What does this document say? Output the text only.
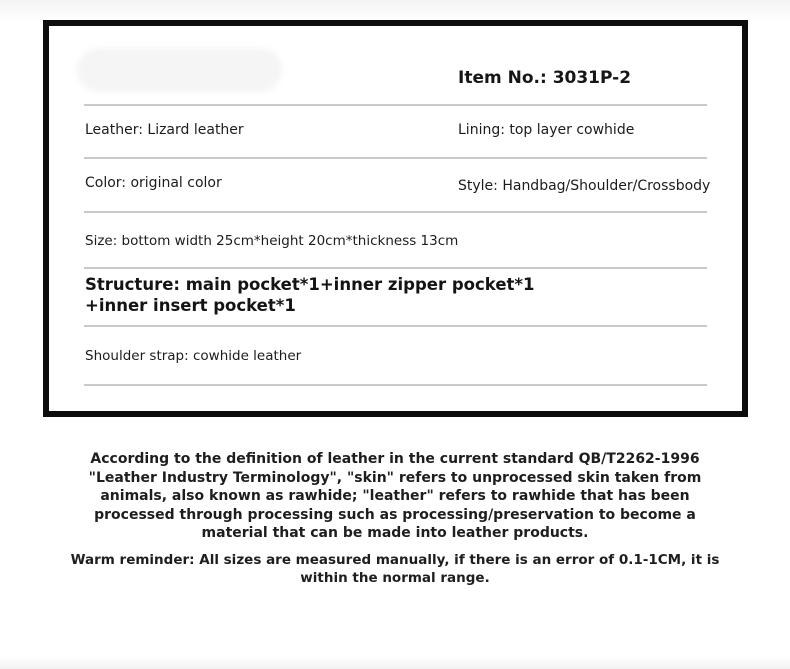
Item No.: 3031P-2
Leather: Lizard leather	Lining: top layer cowhide
Color: original color	Style: Handbag/Shoulder/Crossbody
Size: bottom width 25cm*height 20cm*thickness 13cm
Structure: main pocket*1+inner zipper pocket*1
+inner insert pocket*1
Shoulder strap: cowhide leather
According to the definition of leather in the current standard QB/T2262-1996 "Leather Industry Terminology", "skin" refers to unprocessed skin taken from animals, also known as rawhide; "leather" refers to rawhide that has been processed through processing such as processing/preservation to become a material that can be made into leather products.
Warm reminder: All sizes are measured manually, if there is an error of 0.1-1CM, it is within the normal range.
